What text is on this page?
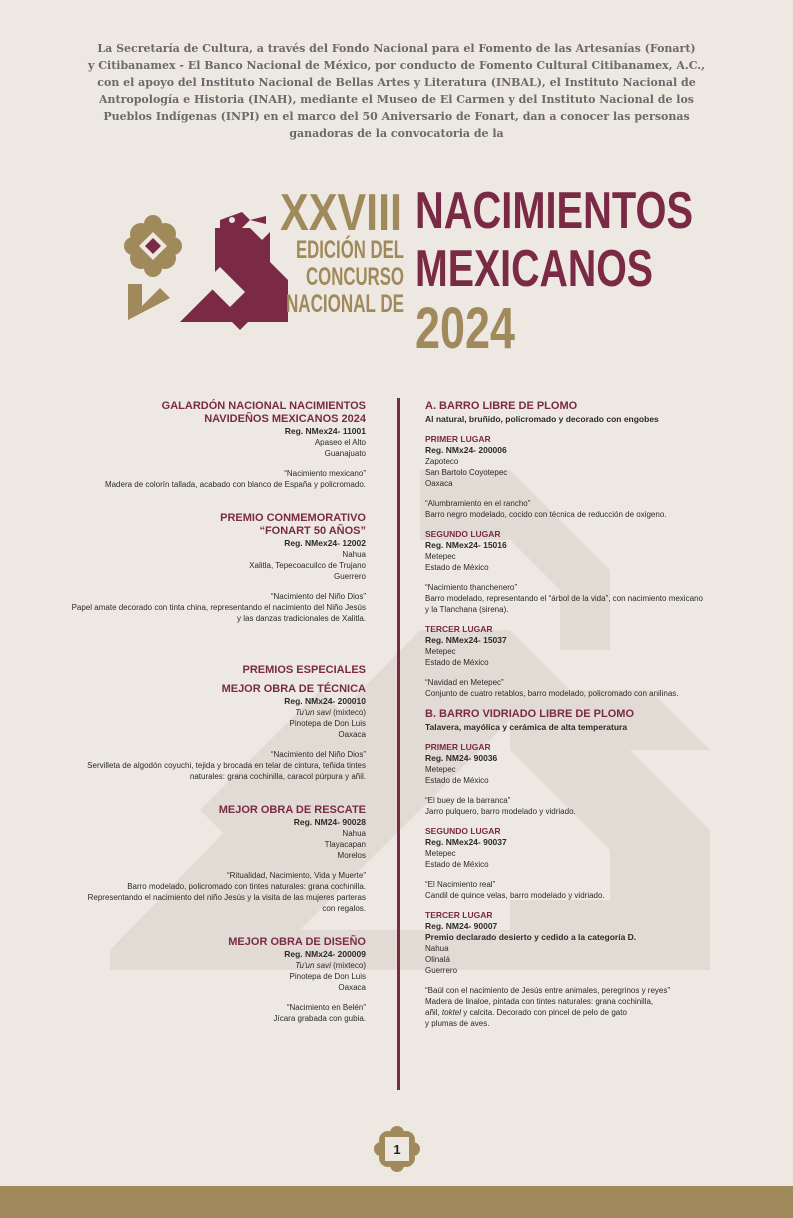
La Secretaría de Cultura, a través del Fondo Nacional para el Fomento de las Artesanías (Fonart)
y Citibanamex - El Banco Nacional de México, por conducto de Fomento Cultural Citibanamex, A.C.,
con el apoyo del Instituto Nacional de Bellas Artes y Literatura (INBAL), el Instituto Nacional de
Antropología e Historia (INAH), mediante el Museo de El Carmen y del Instituto Nacional de los
Pueblos Indígenas (INPI) en el marco del 50 Aniversario de Fonart, dan a conocer las personas
ganadoras de la convocatoria de la
XXVIII
EDICIÓN DEL
CONCURSO
NACIONAL DE
NACIMIENTOS
MEXICANOS
2024
GALARDÓN NACIONAL NACIMIENTOS
NAVIDEÑOS MEXICANOS 2024
Reg. NMex24- 11001
Apaseo el Alto
Guanajuato
“Nacimiento mexicano”
Madera de colorín tallada, acabado con blanco de España y policromado.
PREMIO CONMEMORATIVO
“FONART 50 AÑOS”
Reg. NMex24- 12002
Nahua
Xalitla, Tepecoacuilco de Trujano
Guerrero
“Nacimiento del Niño Dios”
Papel amate decorado con tinta china, representando el nacimiento del Niño Jesús
y las danzas tradicionales de Xalitla.
PREMIOS ESPECIALES
MEJOR OBRA DE TÉCNICA
Reg. NMx24- 200010
Tu'un savi (mixteco)
Pinotepa de Don Luis
Oaxaca
“Nacimiento del Niño Dios”
Servilleta de algodón coyuchi, tejida y brocada en telar de cintura, teñida tintes
naturales: grana cochinilla, caracol púrpura y añil.
MEJOR OBRA DE RESCATE
Reg. NM24- 90028
Nahua
Tlayacapan
Morelos
“Ritualidad, Nacimiento, Vida y Muerte”
Barro modelado, policromado con tintes naturales: grana cochinilla.
Representando el nacimiento del niño Jesús y la visita de las mujeres parteras
con regalos.
MEJOR OBRA DE DISEÑO
Reg. NMx24- 200009
Tu'un savi (mixteco)
Pinotepa de Don Luis
Oaxaca
“Nacimiento en Belén”
Jícara grabada con gubia.
A. BARRO LIBRE DE PLOMO
Al natural, bruñido, policromado y decorado con engobes
PRIMER LUGAR
Reg. NMx24- 200006
Zapoteco
San Bartolo Coyotepec
Oaxaca
“Alumbramiento en el rancho”
Barro negro modelado, cocido con técnica de reducción de oxigeno.
SEGUNDO LUGAR
Reg. NMex24- 15016
Metepec
Estado de México
“Nacimiento thanchenero”
Barro modelado, representando el “árbol de la vida”, con nacimiento mexicano
y la Tlanchana (sirena).
TERCER LUGAR
Reg. NMex24- 15037
Metepec
Estado de México
“Navidad en Metepec”
Conjunto de cuatro retablos, barro modelado, policromado con anilinas.
B. BARRO VIDRIADO LIBRE DE PLOMO
Talavera, mayólica y cerámica de alta temperatura
PRIMER LUGAR
Reg. NM24- 90036
Metepec
Estado de México
“El buey de la barranca”
Jarro pulquero, barro modelado y vidriado.
SEGUNDO LUGAR
Reg. NMex24- 90037
Metepec
Estado de México
“El Nacimiento real”
Candil de quince velas, barro modelado y vidriado.
TERCER LUGAR
Reg. NM24- 90007
Premio declarado desierto y cedido a la categoría D.
Nahua
Olinalá
Guerrero
“Baúl con el nacimiento de Jesús entre animales, peregrinos y reyes”
Madera de linaloe, pintada con tintes naturales: grana cochinilla,
añil, toktel y calcita. Decorado con pincel de pelo de gato
y plumas de aves.
1
